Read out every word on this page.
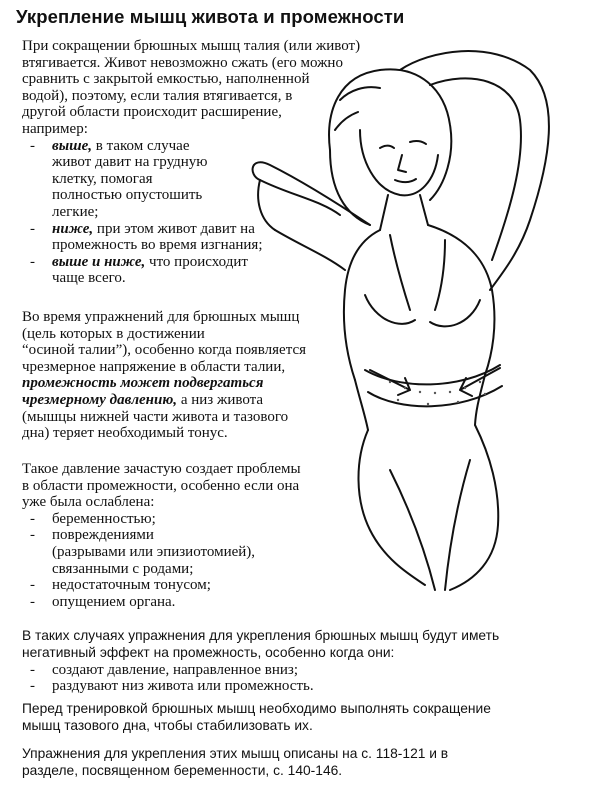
Укрепление мышц живота и промежности

При сокращении брюшных мышц талия (или живот)
втягивается. Живот невозможно сжать (его можно
сравнить с закрытой емкостью, наполненной
водой), поэтому, если талия втягивается, в
другой области происходит расширение,
например:

- выше, в таком случае
живот давит на грудную
клетку, помогая
полностью опустошить
легкие;
- ниже, при этом живот давит на
промежность во время изгнания;
- выше и ниже, что происходит
чаще всего.

Во время упражнений для брюшных мышц
(цель которых в достижении
“осиной талии”), особенно когда появляется
чрезмерное напряжение в области талии,
промежность может подвергаться
чрезмерному давлению, а низ живота
(мышцы нижней части живота и тазового
дна) теряет необходимый тонус.

Такое давление зачастую создает проблемы
в области промежности, особенно если она
уже была ослаблена:

- беременностью;
- повреждениями
(разрывами или эпизиотомией),
связанными с родами;
- недостаточным тонусом;
- опущением органа.

В таких случаях упражнения для укрепления брюшных мышц будут иметь
негативный эффект на промежность, особенно когда они:

- создают давление, направленное вниз;
- раздувают низ живота или промежность.

Перед тренировкой брюшных мышц необходимо выполнять сокращение
мышц тазового дна, чтобы стабилизовать их.

Упражнения для укрепления этих мышц описаны на с. 118-121 и в
разделе, посвященном беременности, с. 140-146.
